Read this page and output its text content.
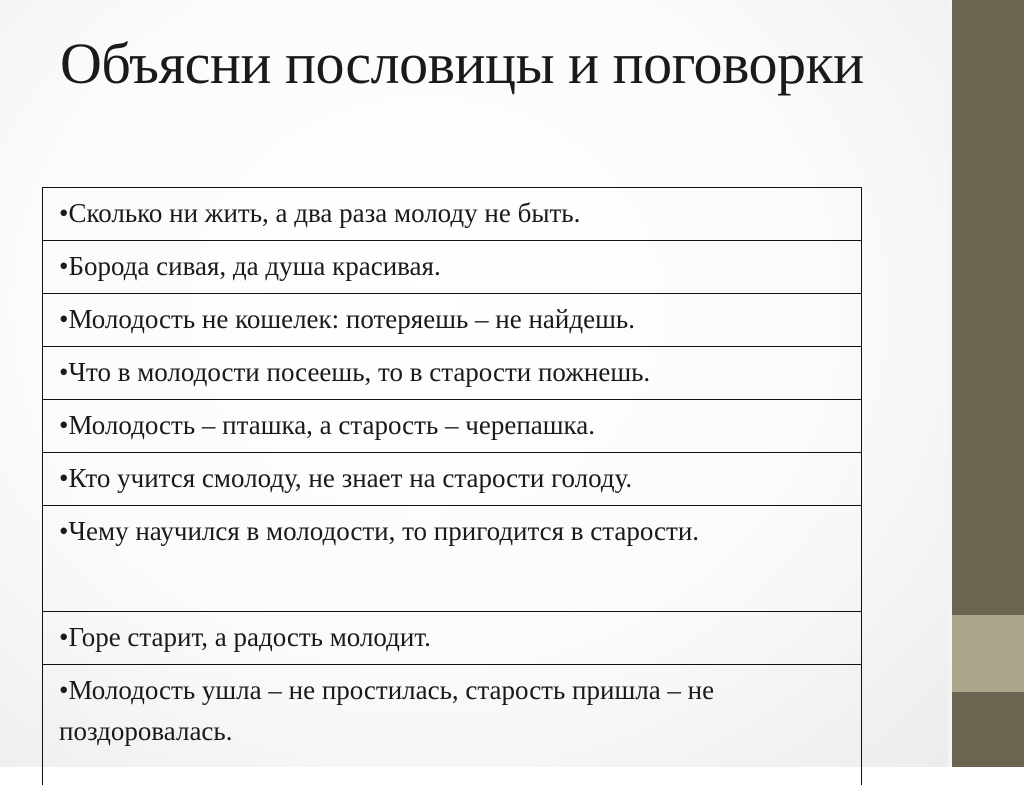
Объясни пословицы и поговорки
•Сколько ни жить, а два раза молоду не быть.
•Борода сивая, да душа красивая.
•Молодость не кошелек: потеряешь – не найдешь.
•Что в молодости посеешь, то в старости пожнешь.
•Молодость – пташка, а старость – черепашка.
•Кто учится смолоду, не знает на старости голоду.
•Чему научился в молодости, то пригодится в старости.
•Горе старит, а радость молодит.
•Молодость ушла – не простилась, старость пришла – не поздоровалась.
